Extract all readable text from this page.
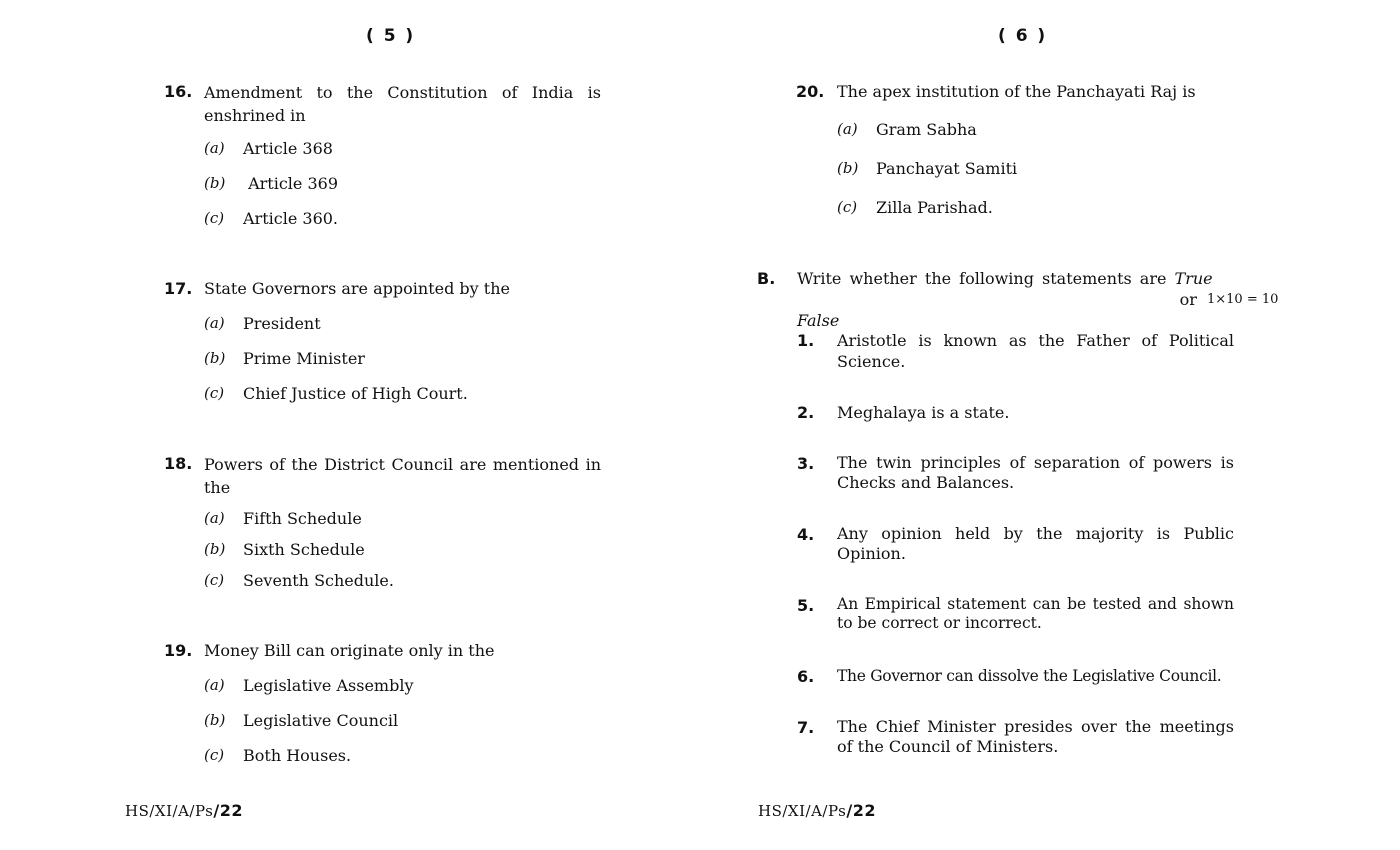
( 5 )
16. Amendment to the Constitution of India is enshrined in
(a) Article 368
(b) Article 369
(c) Article 360.
17. State Governors are appointed by the
(a) President
(b) Prime Minister
(c) Chief Justice of High Court.
18. Powers of the District Council are mentioned in the
(a) Fifth Schedule
(b) Sixth Schedule
(c) Seventh Schedule.
19. Money Bill can originate only in the
(a) Legislative Assembly
(b) Legislative Council
(c) Both Houses.
HS/XI/A/Ps/22
( 6 )
20. The apex institution of the Panchayati Raj is
(a) Gram Sabha
(b) Panchayat Samiti
(c) Zilla Parishad.
B. Write whether the following statements are True or
False
1×10 = 10
1. Aristotle is known as the Father of Political Science.
2. Meghalaya is a state.
3. The twin principles of separation of powers is Checks and Balances.
4. Any opinion held by the majority is Public Opinion.
5. An Empirical statement can be tested and shown to be correct or incorrect.
6. The Governor can dissolve the Legislative Council.
7. The Chief Minister presides over the meetings of the Council of Ministers.
HS/XI/A/Ps/22
